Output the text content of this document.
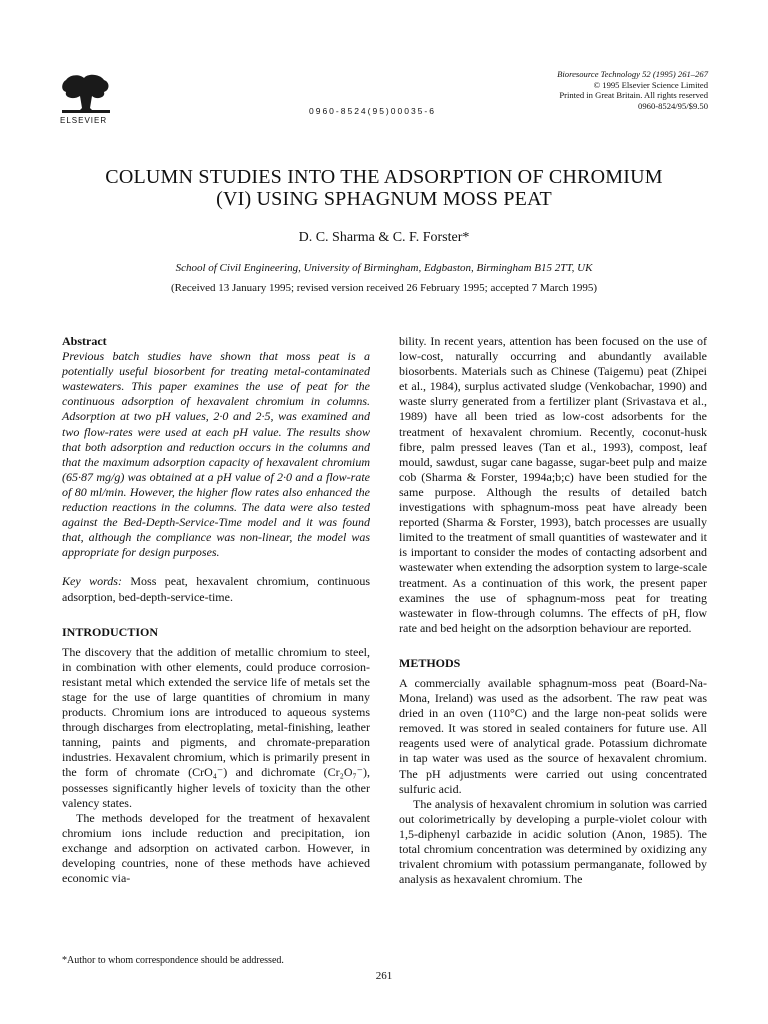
ELSEVIER
0960-8524(95)00035-6
Bioresource Technology 52 (1995) 261–267
© 1995 Elsevier Science Limited
Printed in Great Britain. All rights reserved
0960-8524/95/$9.50
COLUMN STUDIES INTO THE ADSORPTION OF CHROMIUM
(VI) USING SPHAGNUM MOSS PEAT
D. C. Sharma & C. F. Forster*
School of Civil Engineering, University of Birmingham, Edgbaston, Birmingham B15 2TT, UK
(Received 13 January 1995; revised version received 26 February 1995; accepted 7 March 1995)

Abstract

Previous batch studies have shown that moss peat is a potentially useful biosorbent for treating metal-contaminated wastewaters. This paper examines the use of peat for the continuous adsorption of hexavalent chromium in columns. Adsorption at two pH values, 2·0 and 2·5, was examined and two flow-rates were used at each pH value. The results show that both adsorption and reduction occurs in the columns and that the maximum adsorption capacity of hexavalent chromium (65·87 mg/g) was obtained at a pH value of 2·0 and a flow-rate of 80 ml/min. However, the higher flow rates also enhanced the reduction reactions in the columns. The data were also tested against the Bed-Depth-Service-Time model and it was found that, although the compliance was non-linear, the model was appropriate for design purposes.

Key words: Moss peat, hexavalent chromium, continuous adsorption, bed-depth-service-time.

INTRODUCTION

The discovery that the addition of metallic chromium to steel, in combination with other elements, could produce corrosion-resistant metal which extended the service life of metals set the stage for the use of large quantities of chromium in many products. Chromium ions are introduced to aqueous systems through discharges from electroplating, metal-finishing, leather tanning, paints and pigments, and chromate-preparation industries. Hexavalent chromium, which is primarily present in the form of chromate (CrO₄⁻) and dichromate (Cr₂O₇⁻), possesses significantly higher levels of toxicity than the other valency states.

The methods developed for the treatment of hexavalent chromium ions include reduction and precipitation, ion exchange and adsorption on activated carbon. However, in developing countries, none of these methods have achieved economic via-

bility. In recent years, attention has been focused on the use of low-cost, naturally occurring and abundantly available biosorbents. Materials such as Chinese (Taigemu) peat (Zhipei et al., 1984), surplus activated sludge (Venkobachar, 1990) and waste slurry generated from a fertilizer plant (Srivastava et al., 1989) have all been tried as low-cost adsorbents for the treatment of hexavalent chromium. Recently, coconut-husk fibre, palm pressed leaves (Tan et al., 1993), compost, leaf mould, sawdust, sugar cane bagasse, sugar-beet pulp and maize cob (Sharma & Forster, 1994a;b;c) have been studied for the same purpose. Although the results of detailed batch investigations with sphagnum-moss peat have already been reported (Sharma & Forster, 1993), batch processes are usually limited to the treatment of small quantities of wastewater and it is important to consider the modes of contacting adsorbent and wastewater when extending the adsorption system to large-scale treatment. As a continuation of this work, the present paper examines the use of sphagnum-moss peat for treating wastewater in flow-through columns. The effects of pH, flow rate and bed height on the adsorption behaviour are reported.

METHODS

A commercially available sphagnum-moss peat (Board-Na-Mona, Ireland) was used as the adsorbent. The raw peat was dried in an oven (110°C) and the large non-peat solids were removed. It was stored in sealed containers for future use. All reagents used were of analytical grade. Potassium dichromate in tap water was used as the source of hexavalent chromium. The pH adjustments were carried out using concentrated sulfuric acid.

The analysis of hexavalent chromium in solution was carried out colorimetrically by developing a purple-violet colour with 1,5-diphenyl carbazide in acidic solution (Anon, 1985). The total chromium concentration was determined by oxidizing any trivalent chromium with potassium permanganate, followed by analysis as hexavalent chromium. The

*Author to whom correspondence should be addressed.
261
